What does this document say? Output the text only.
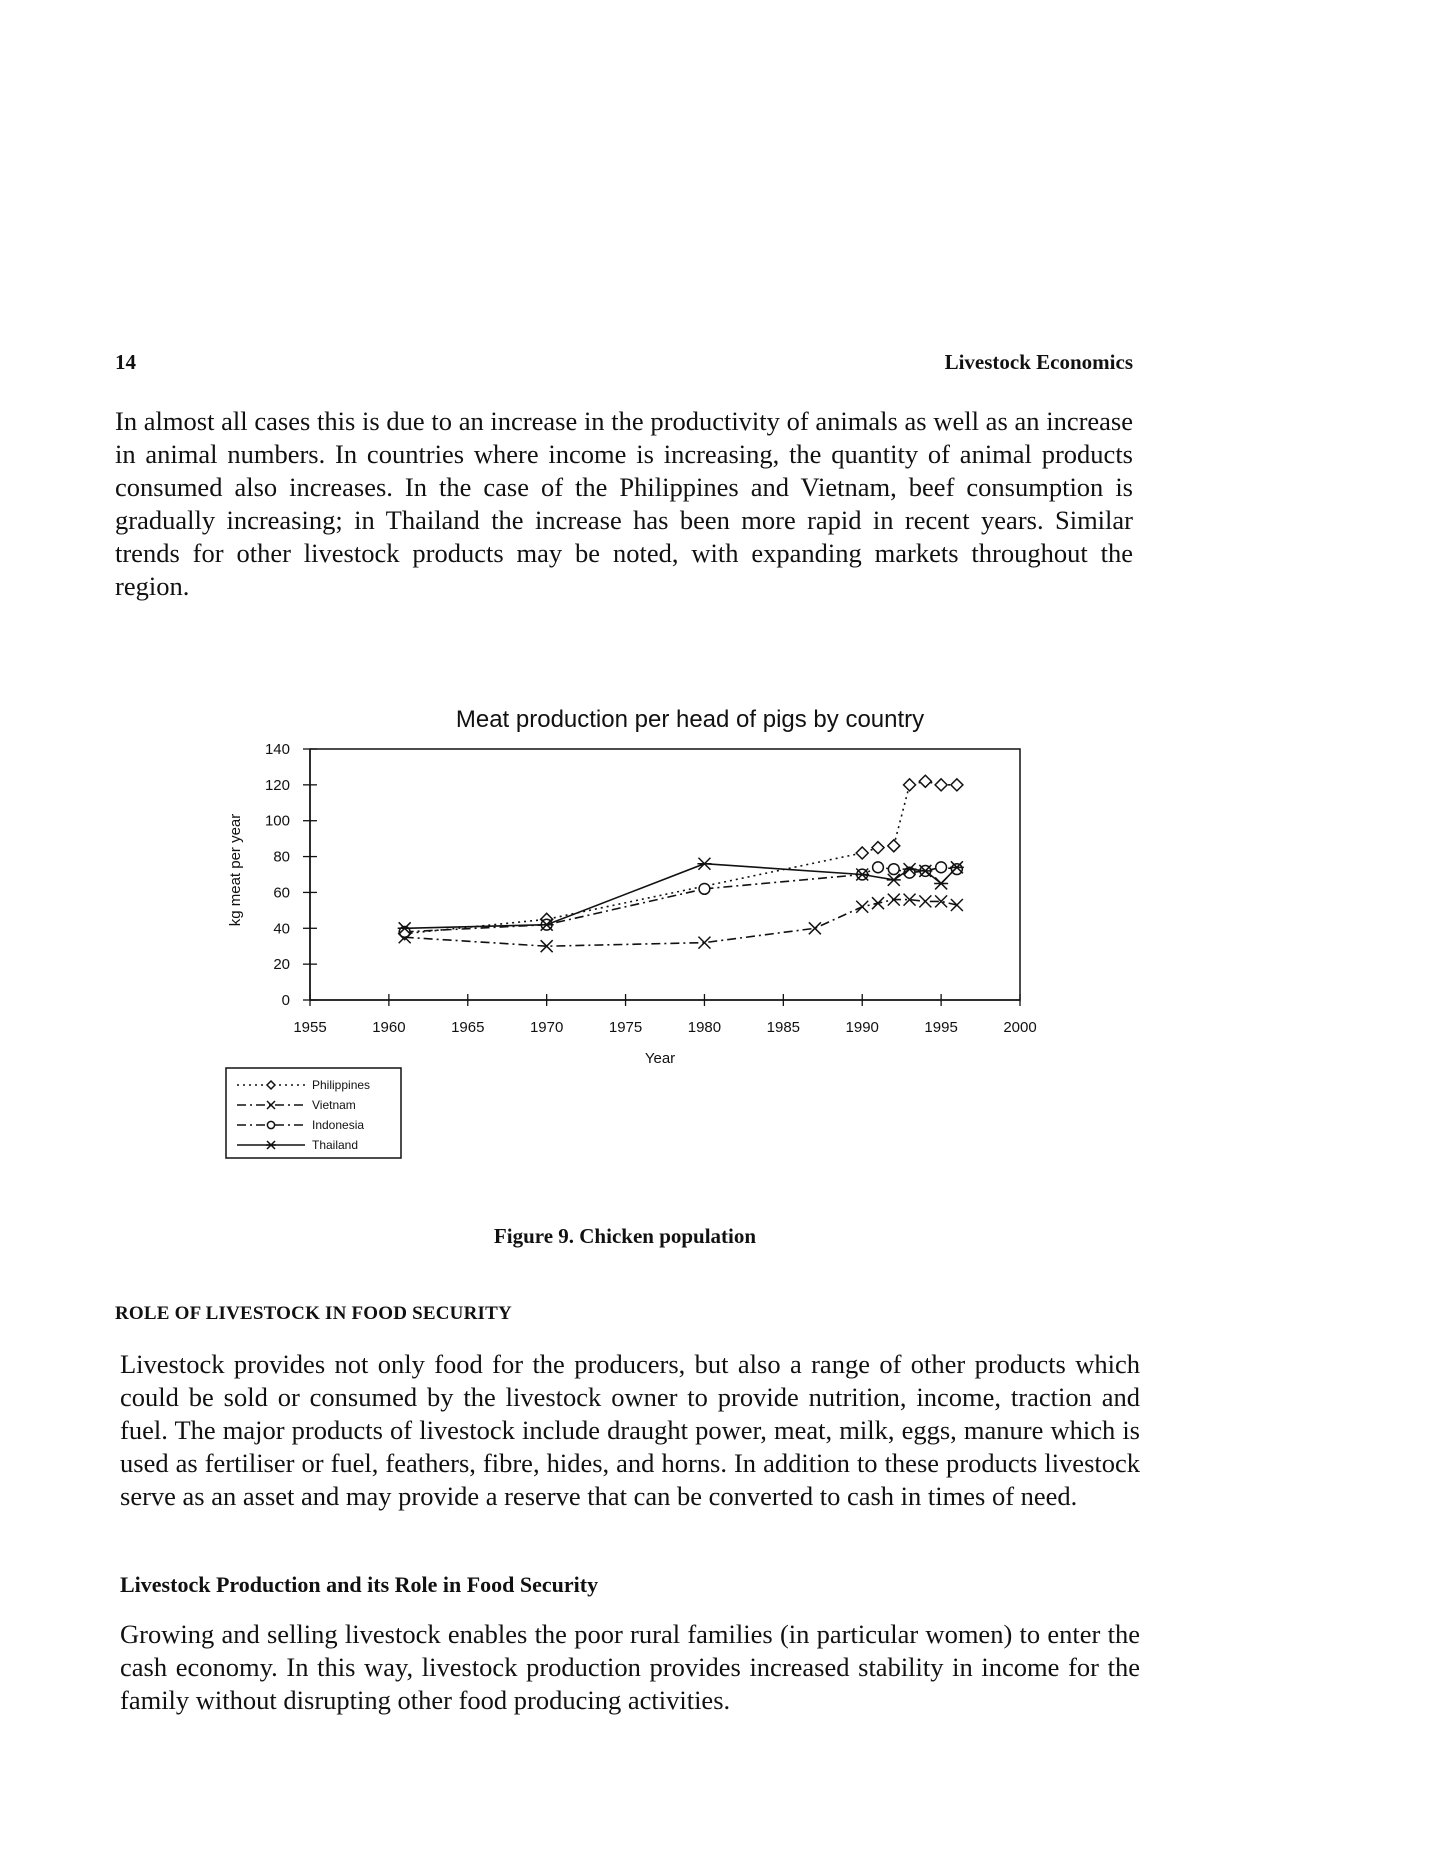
14	Livestock Economics

In almost all cases this is due to an increase in the productivity of animals as well as an increase in animal numbers. In countries where income is increasing, the quantity of animal products consumed also increases. In the case of the Philippines and Vietnam, beef consumption is gradually increasing; in Thailand the increase has been more rapid in recent years. Similar trends for other livestock products may be noted, with expanding markets throughout the region.

Meat production per head of pigs by country
0
20
40
60
80
100
120
140
1955	1960	1965	1970	1975	1980	1985	1990	1995	2000
kg meat per year
Year
Philippines
Vietnam
Indonesia
Thailand
Figure 9. Chicken population
ROLE OF LIVESTOCK IN FOOD SECURITY

Livestock provides not only food for the producers, but also a range of other products which could be sold or consumed by the livestock owner to provide nutrition, income, traction and fuel. The major products of livestock include draught power, meat, milk, eggs, manure which is used as fertiliser or fuel, feathers, fibre, hides, and horns. In addition to these products livestock serve as an asset and may provide a reserve that can be converted to cash in times of need.

Livestock Production and its Role in Food Security

Growing and selling livestock enables the poor rural families (in particular women) to enter the cash economy. In this way, livestock production provides increased stability in income for the family without disrupting other food producing activities.
